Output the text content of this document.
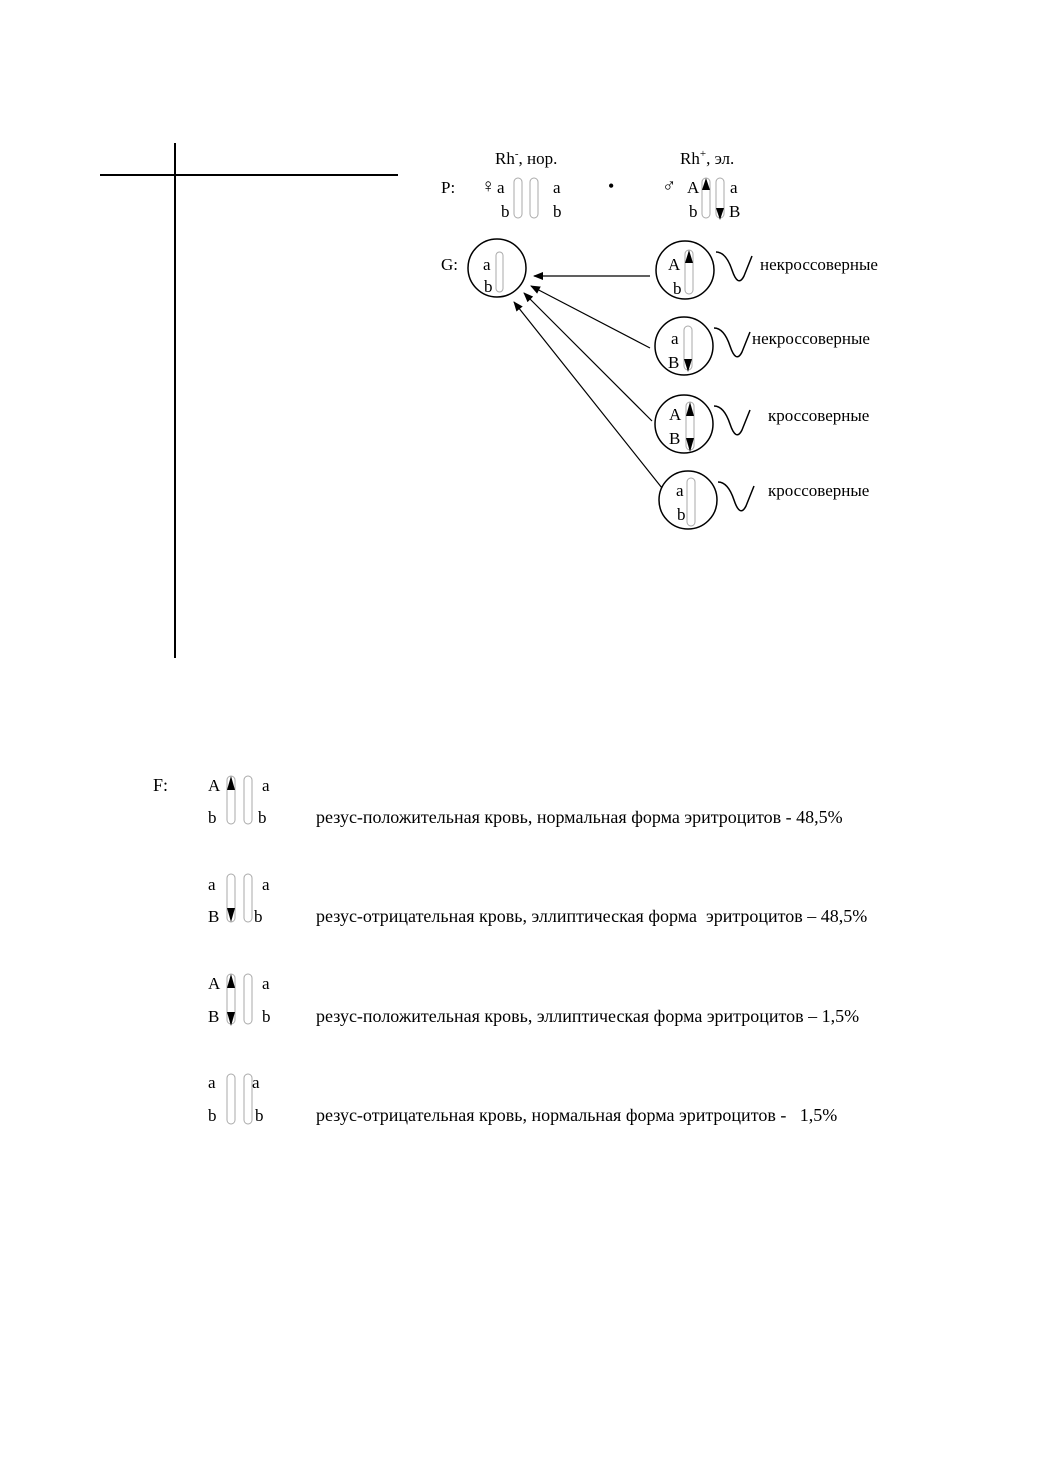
Rh-, нор.	Rh+, эл.
P: ♀ a
b
a
b
•	♂ A
b
a
B
G: a
b
A
b
некроссоверные
a
B
некроссоверные
A
B
кроссоверные
a
b
кроссоверные
F: A
b
a
b	резус-положительная кровь, нормальная форма эритроцитов - 48,5%
a
B
a
b	резус-отрицательная кровь, эллиптическая форма  эритроцитов – 48,5%
A
B
a
b	резус-положительная кровь, эллиптическая форма эритроцитов – 1,5%
a
b
a
b	резус-отрицательная кровь, нормальная форма эритроцитов -   1,5%
